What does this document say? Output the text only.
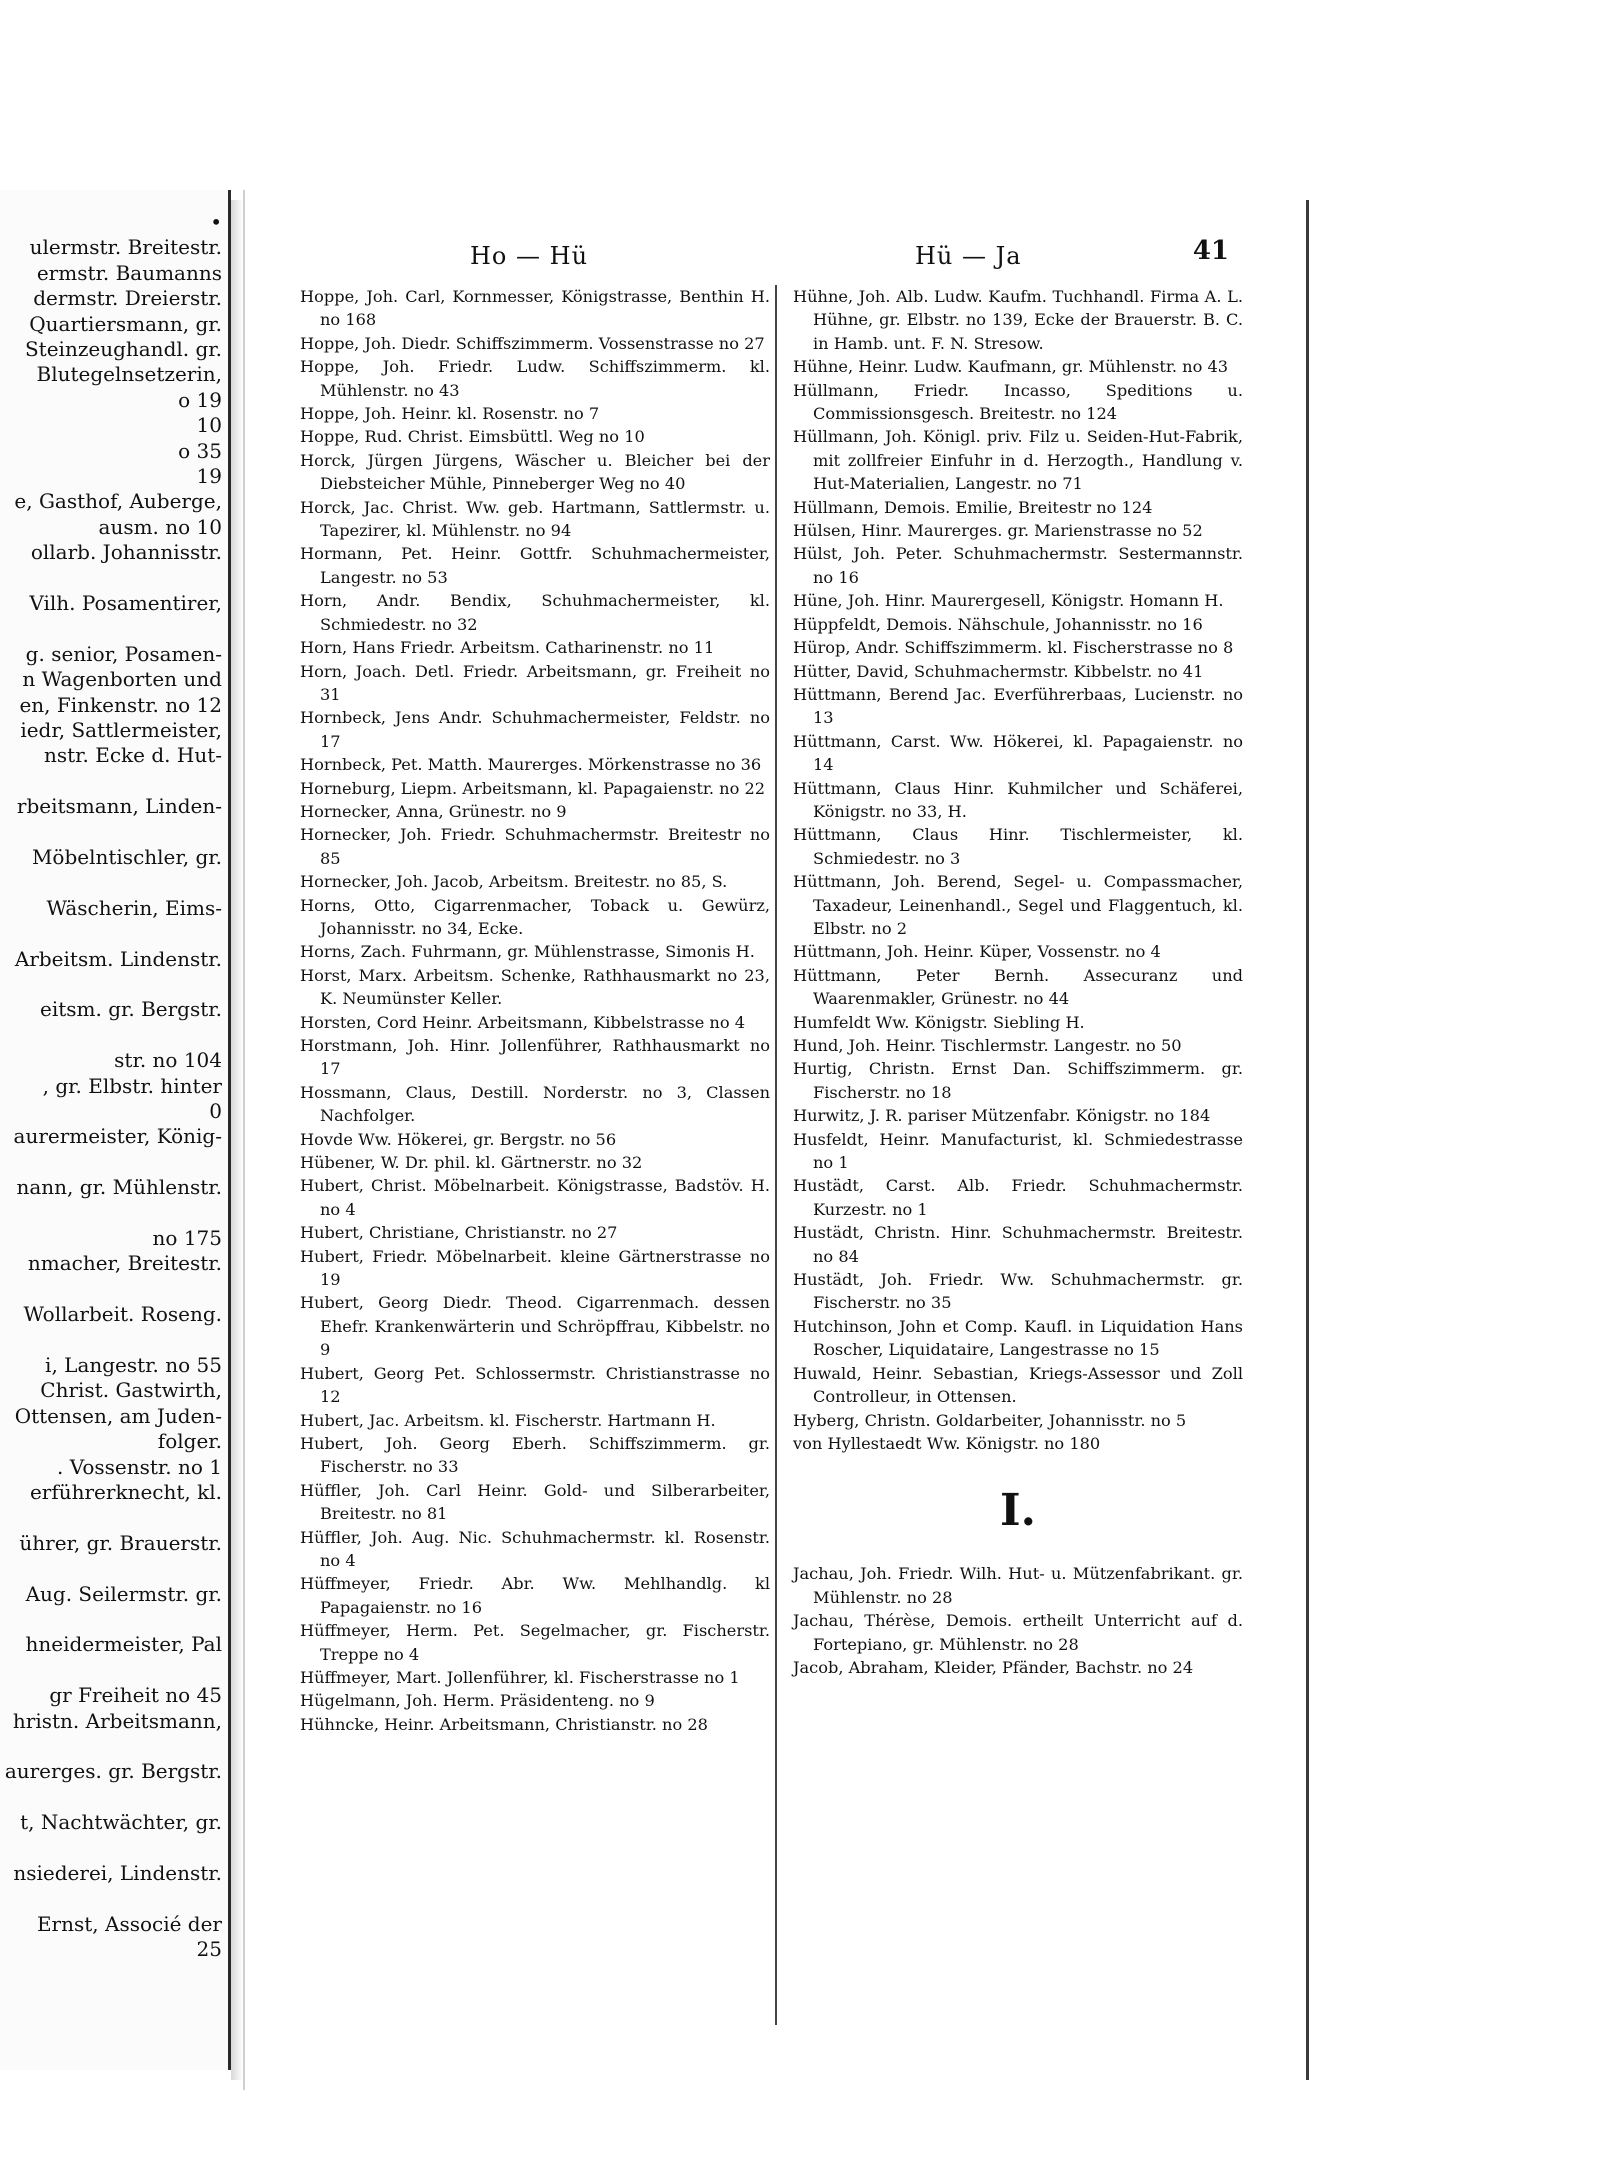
•
ulermstr. Breitestr.
ermstr. Baumanns
dermstr. Dreierstr.
Quartiersmann, gr.
Steinzeughandl. gr.
Blutegelnsetzerin,
o 19
10
o 35
19
e, Gasthof, Auberge,
ausm. no 10
ollarb. Johannisstr.
Vilh. Posamentirer,
g. senior, Posamen-
n Wagenborten und
en, Finkenstr. no 12
iedr, Sattlermeister,
nstr. Ecke d. Hut-
rbeitsmann, Linden-
Möbelntischler, gr.
Wäscherin, Eims-
Arbeitsm. Lindenstr.
eitsm. gr. Bergstr.
str. no 104
, gr. Elbstr. hinter
0
aurermeister, König-
nann, gr. Mühlenstr.
no 175
nmacher, Breitestr.
Wollarbeit. Roseng.
i, Langestr. no 55
Christ. Gastwirth,
Ottensen, am Juden-
folger.
. Vossenstr. no 1
erführerknecht, kl.
ührer, gr. Brauerstr.
Aug. Seilermstr. gr.
hneidermeister, Pal
gr Freiheit no 45
hristn. Arbeitsmann,
aurerges. gr. Bergstr.
t, Nachtwächter, gr.
nsiederei, Lindenstr.
Ernst, Associé der
25
Ho — Hü	Hü — Ja	41

Hoppe, Joh. Carl, Kornmesser, Königstrasse, Benthin H. no 168

Hoppe, Joh. Diedr. Schiffszimmerm. Vossenstrasse no 27

Hoppe, Joh. Friedr. Ludw. Schiffszimmerm. kl. Mühlenstr. no 43

Hoppe, Joh. Heinr. kl. Rosenstr. no 7

Hoppe, Rud. Christ. Eimsbüttl. Weg no 10

Horck, Jürgen Jürgens, Wäscher u. Bleicher bei der Diebsteicher Mühle, Pinneberger Weg no 40

Horck, Jac. Christ. Ww. geb. Hartmann, Sattlermstr. u. Tapezirer, kl. Mühlenstr. no 94

Hormann, Pet. Heinr. Gottfr. Schuhmachermeister, Langestr. no 53

Horn, Andr. Bendix, Schuhmachermeister, kl. Schmiedestr. no 32

Horn, Hans Friedr. Arbeitsm. Catharinenstr. no 11

Horn, Joach. Detl. Friedr. Arbeitsmann, gr. Freiheit no 31

Hornbeck, Jens Andr. Schuhmachermeister, Feldstr. no 17

Hornbeck, Pet. Matth. Maurerges. Mörkenstrasse no 36

Horneburg, Liepm. Arbeitsmann, kl. Papagaienstr. no 22

Hornecker, Anna, Grünestr. no 9

Hornecker, Joh. Friedr. Schuhmachermstr. Breitestr no 85

Hornecker, Joh. Jacob, Arbeitsm. Breitestr. no 85, S.

Horns, Otto, Cigarrenmacher, Toback u. Gewürz, Johannisstr. no 34, Ecke.

Horns, Zach. Fuhrmann, gr. Mühlenstrasse, Simonis H.

Horst, Marx. Arbeitsm. Schenke, Rathhausmarkt no 23, K. Neumünster Keller.

Horsten, Cord Heinr. Arbeitsmann, Kibbelstrasse no 4

Horstmann, Joh. Hinr. Jollenführer, Rathhausmarkt no 17

Hossmann, Claus, Destill. Norderstr. no 3, Classen Nachfolger.

Hovde Ww. Hökerei, gr. Bergstr. no 56

Hübener, W. Dr. phil. kl. Gärtnerstr. no 32

Hubert, Christ. Möbelnarbeit. Königstrasse, Badstöv. H. no 4

Hubert, Christiane, Christianstr. no 27

Hubert, Friedr. Möbelnarbeit. kleine Gärtnerstrasse no 19

Hubert, Georg Diedr. Theod. Cigarrenmach. dessen Ehefr. Krankenwärterin und Schröpffrau, Kibbelstr. no 9

Hubert, Georg Pet. Schlossermstr. Christianstrasse no 12

Hubert, Jac. Arbeitsm. kl. Fischerstr. Hartmann H.

Hubert, Joh. Georg Eberh. Schiffszimmerm. gr. Fischerstr. no 33

Hüffler, Joh. Carl Heinr. Gold- und Silberarbeiter, Breitestr. no 81

Hüffler, Joh. Aug. Nic. Schuhmachermstr. kl. Rosenstr. no 4

Hüffmeyer, Friedr. Abr. Ww. Mehlhandlg. kl Papagaienstr. no 16

Hüffmeyer, Herm. Pet. Segelmacher, gr. Fischerstr. Treppe no 4

Hüffmeyer, Mart. Jollenführer, kl. Fischerstrasse no 1

Hügelmann, Joh. Herm. Präsidenteng. no 9

Hühncke, Heinr. Arbeitsmann, Christianstr. no 28

Hühne, Joh. Alb. Ludw. Kaufm. Tuchhandl. Firma A. L. Hühne, gr. Elbstr. no 139, Ecke der Brauerstr. B. C. in Hamb. unt. F. N. Stresow.

Hühne, Heinr. Ludw. Kaufmann, gr. Mühlenstr. no 43

Hüllmann, Friedr. Incasso, Speditions u. Commissionsgesch. Breitestr. no 124

Hüllmann, Joh. Königl. priv. Filz u. Seiden-Hut-Fabrik, mit zollfreier Einfuhr in d. Herzogth., Handlung v. Hut-Materialien, Langestr. no 71

Hüllmann, Demois. Emilie, Breitestr no 124

Hülsen, Hinr. Maurerges. gr. Marienstrasse no 52

Hülst, Joh. Peter. Schuhmachermstr. Sestermannstr. no 16

Hüne, Joh. Hinr. Maurergesell, Königstr. Homann H.

Hüppfeldt, Demois. Nähschule, Johannisstr. no 16

Hürop, Andr. Schiffszimmerm. kl. Fischerstrasse no 8

Hütter, David, Schuhmachermstr. Kibbelstr. no 41

Hüttmann, Berend Jac. Everführerbaas, Lucienstr. no 13

Hüttmann, Carst. Ww. Hökerei, kl. Papagaienstr. no 14

Hüttmann, Claus Hinr. Kuhmilcher und Schäferei, Königstr. no 33, H.

Hüttmann, Claus Hinr. Tischlermeister, kl. Schmiedestr. no 3

Hüttmann, Joh. Berend, Segel- u. Compassmacher, Taxadeur, Leinenhandl., Segel und Flaggentuch, kl. Elbstr. no 2

Hüttmann, Joh. Heinr. Küper, Vossenstr. no 4

Hüttmann, Peter Bernh. Assecuranz und Waarenmakler, Grünestr. no 44

Humfeldt Ww. Königstr. Siebling H.

Hund, Joh. Heinr. Tischlermstr. Langestr. no 50

Hurtig, Christn. Ernst Dan. Schiffszimmerm. gr. Fischerstr. no 18

Hurwitz, J. R. pariser Mützenfabr. Königstr. no 184

Husfeldt, Heinr. Manufacturist, kl. Schmiedestrasse no 1

Hustädt, Carst. Alb. Friedr. Schuhmachermstr. Kurzestr. no 1

Hustädt, Christn. Hinr. Schuhmachermstr. Breitestr. no 84

Hustädt, Joh. Friedr. Ww. Schuhmachermstr. gr. Fischerstr. no 35

Hutchinson, John et Comp. Kaufl. in Liquidation Hans Roscher, Liquidataire, Langestrasse no 15

Huwald, Heinr. Sebastian, Kriegs-Assessor und Zoll Controlleur, in Ottensen.

Hyberg, Christn. Goldarbeiter, Johannisstr. no 5

von Hyllestaedt Ww. Königstr. no 180

I.

Jachau, Joh. Friedr. Wilh. Hut- u. Mützenfabrikant. gr. Mühlenstr. no 28

Jachau, Thérèse, Demois. ertheilt Unterricht auf d. Fortepiano, gr. Mühlenstr. no 28

Jacob, Abraham, Kleider, Pfänder, Bachstr. no 24
